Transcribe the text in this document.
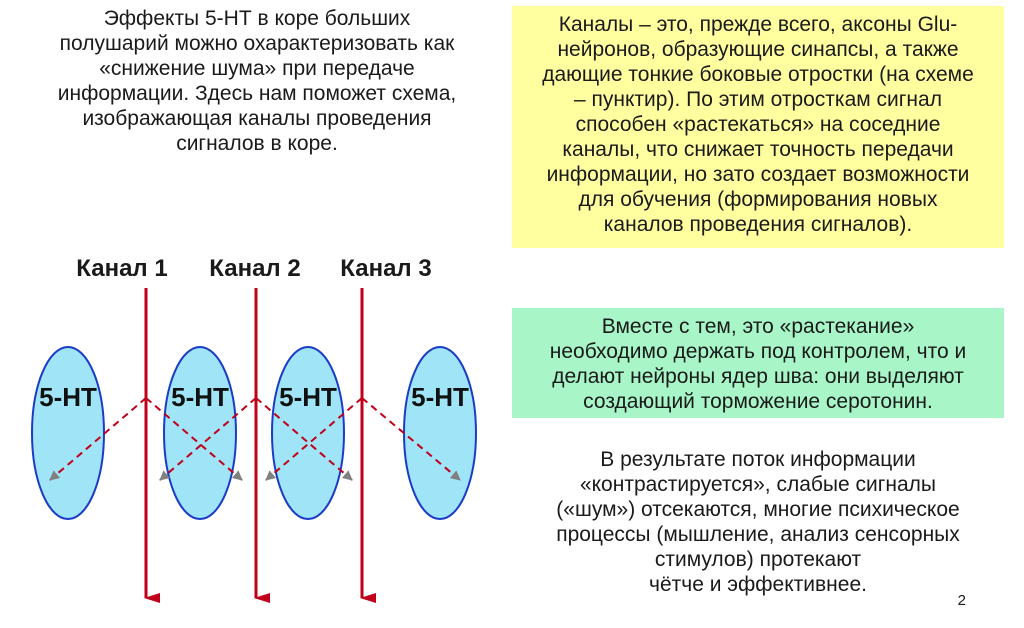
Эффекты 5-НТ в коре больших
полушарий можно охарактеризовать как
«снижение шума» при передаче
информации. Здесь нам поможет схема,
изображающая каналы проведения
сигналов в коре.
Каналы – это, прежде всего, аксоны Glu-
нейронов, образующие синапсы, а также
дающие тонкие боковые отростки (на схеме
– пунктир). По этим отросткам сигнал
способен «растекаться» на соседние
каналы, что снижает точность передачи
информации, но зато создает возможности
для обучения (формирования новых
каналов проведения сигналов).
Вместе с тем, это «растекание»
необходимо держать под контролем, что и
делают нейроны ядер шва: они выделяют
создающий торможение серотонин.
В результате поток информации
«контрастируется», слабые сигналы
(«шум») отсекаются, многие психическое
процессы (мышление, анализ сенсорных
стимулов) протекают
чётче и эффективнее.
Канал 1 Канал 2 Канал 3
5-НТ	5-НТ 5-НТ	5-НТ
2
